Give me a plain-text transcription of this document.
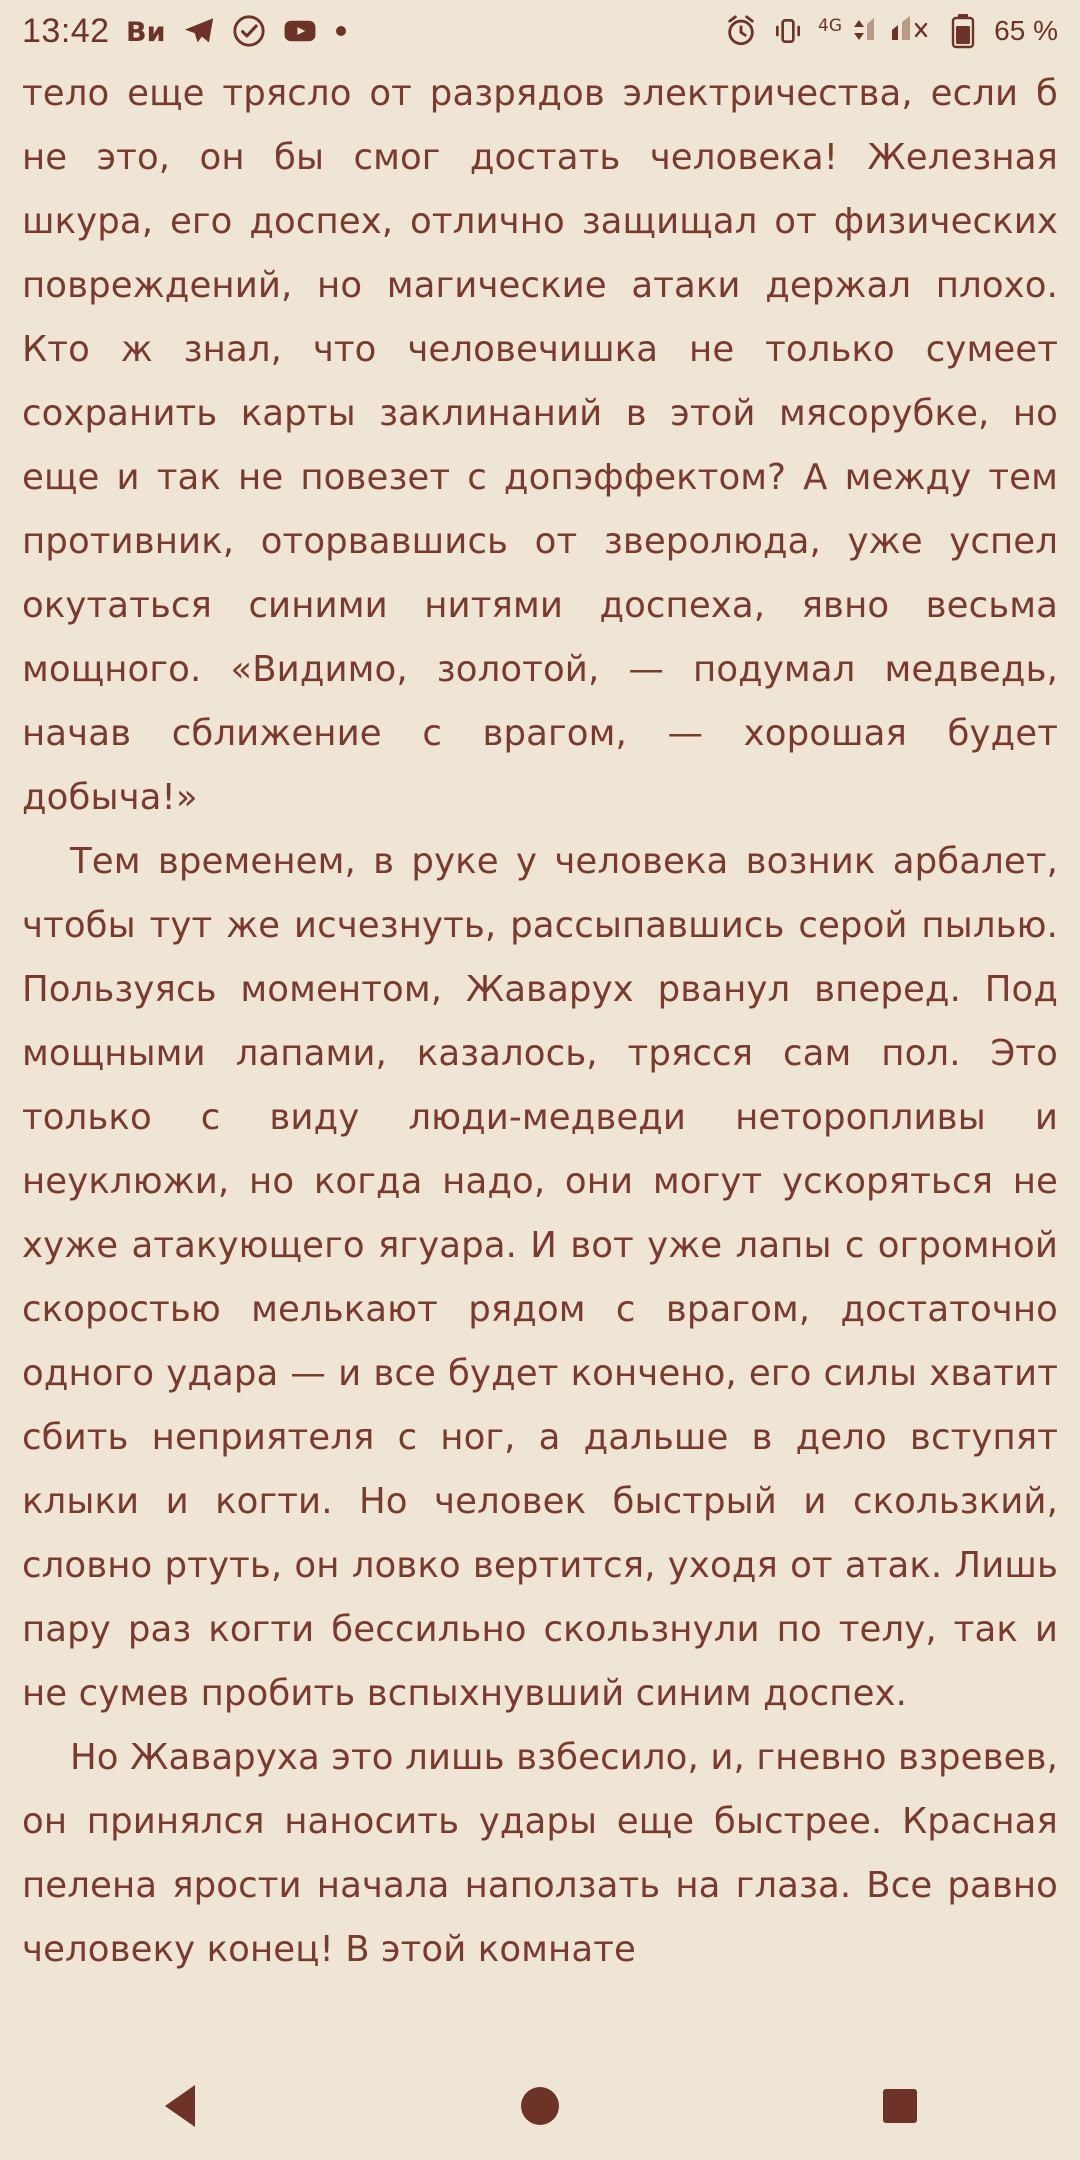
13:42 Ви	4G	65 %

тело еще трясло от разрядов электричества, если б не это, он бы смог достать человека! Железная шкура, его доспех, отлично защищал от физических повреждений, но магические атаки держал плохо. Кто ж знал, что человечишка не только сумеет сохранить карты заклинаний в этой мясорубке, но еще и так не повезет с допэффектом? А между тем противник, оторвавшись от зверолюда, уже успел окутаться синими нитями доспеха, явно весьма мощного. «Видимо, золотой, — подумал медведь, начав сближение с врагом, — хорошая будет добыча!»

Тем временем, в руке у человека возник арбалет, чтобы тут же исчезнуть, рассыпавшись серой пылью. Пользуясь моментом, Жаварух рванул вперед. Под мощными лапами, казалось, трясся сам пол. Это только с виду люди-медведи неторопливы и неуклюжи, но когда надо, они могут ускоряться не хуже атакующего ягуара. И вот уже лапы с огромной скоростью мелькают рядом с врагом, достаточно одного удара — и все будет кончено, его силы хватит сбить неприятеля с ног, а дальше в дело вступят клыки и когти. Но человек быстрый и скользкий, словно ртуть, он ловко вертится, уходя от атак. Лишь пару раз когти бессильно скользнули по телу, так и не сумев пробить вспыхнувший синим доспех.

Но Жаваруха это лишь взбесило, и, гневно взревев, он принялся наносить удары еще быстрее. Красная пелена ярости начала наползать на глаза. Все равно человеку конец! В этой комнате
